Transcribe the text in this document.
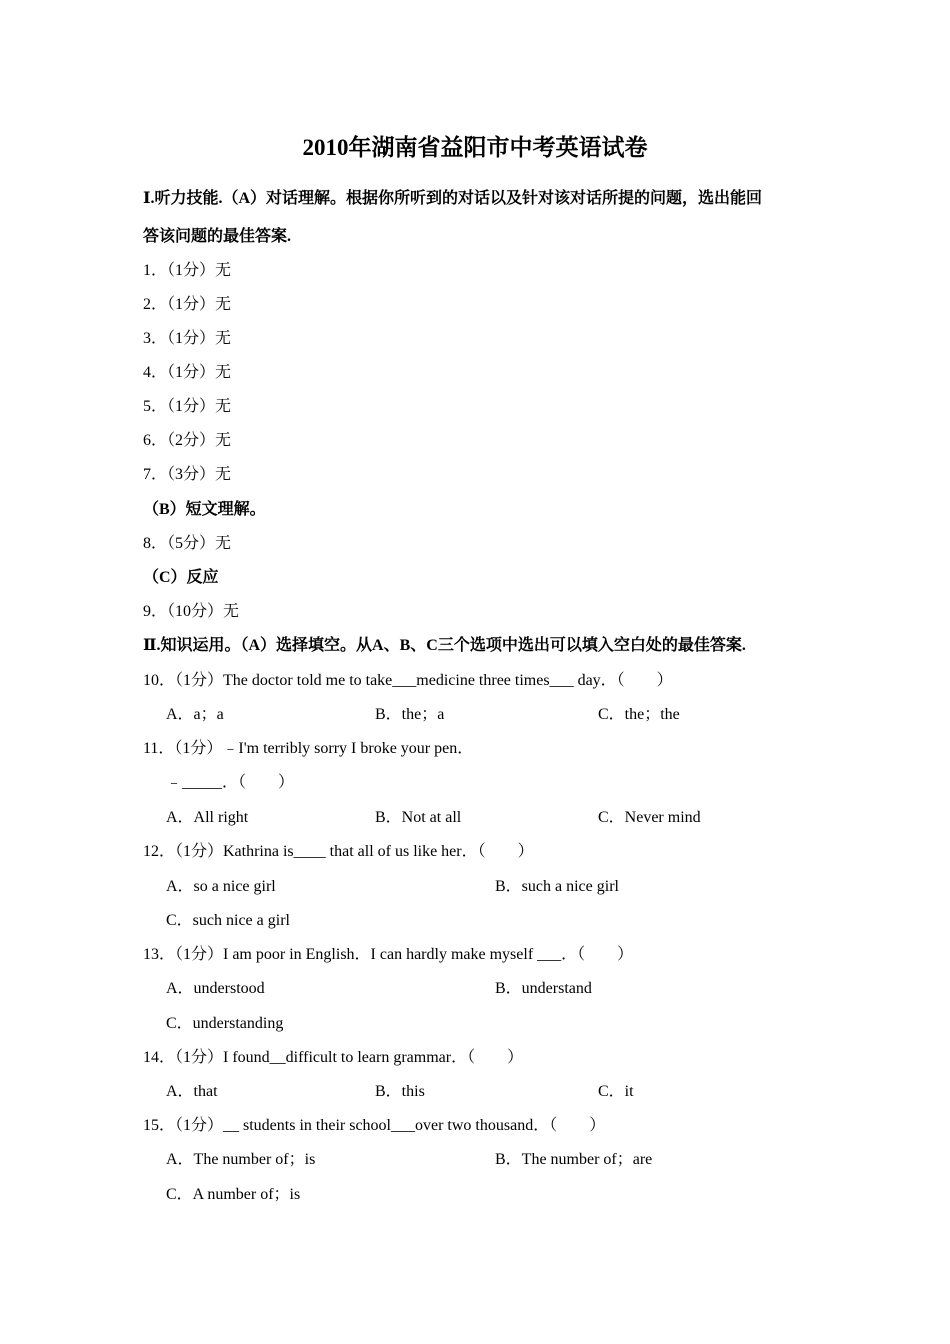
2010年湖南省益阳市中考英语试卷
Ⅰ.听力技能.（A）对话理解。根据你所听到的对话以及针对该对话所提的问题，选出能回
答该问题的最佳答案.
1．（1分）无
2．（1分）无
3．（1分）无
4．（1分）无
5．（1分）无
6．（2分）无
7．（3分）无
（B）短文理解。
8．（5分）无
（C）反应
9．（10分）无
Ⅱ.知识运用。（A）选择填空。从A、B、C三个选项中选出可以填入空白处的最佳答案.
10．（1分）The doctor told me to take___medicine three times___ day．（　　）
A．a；a	B．the；a	C．the；the
11．（1分）﹣I'm terribly sorry I broke your pen．
﹣_____．（　　）
A．All right	B．Not at all	C．Never mind
12．（1分）Kathrina is____ that all of us like her．（　　）
A．so a nice girl	B．such a nice girl
C．such nice a girl
13．（1分）I am poor in English．I can hardly make myself ___．（　　）
A．understood	B．understand
C．understanding
14．（1分）I found__difficult to learn grammar．（　　）
A．that	B．this	C．it
15．（1分）__ students in their school___over two thousand．（　　）
A．The number of；is	B．The number of；are
C．A number of；is
